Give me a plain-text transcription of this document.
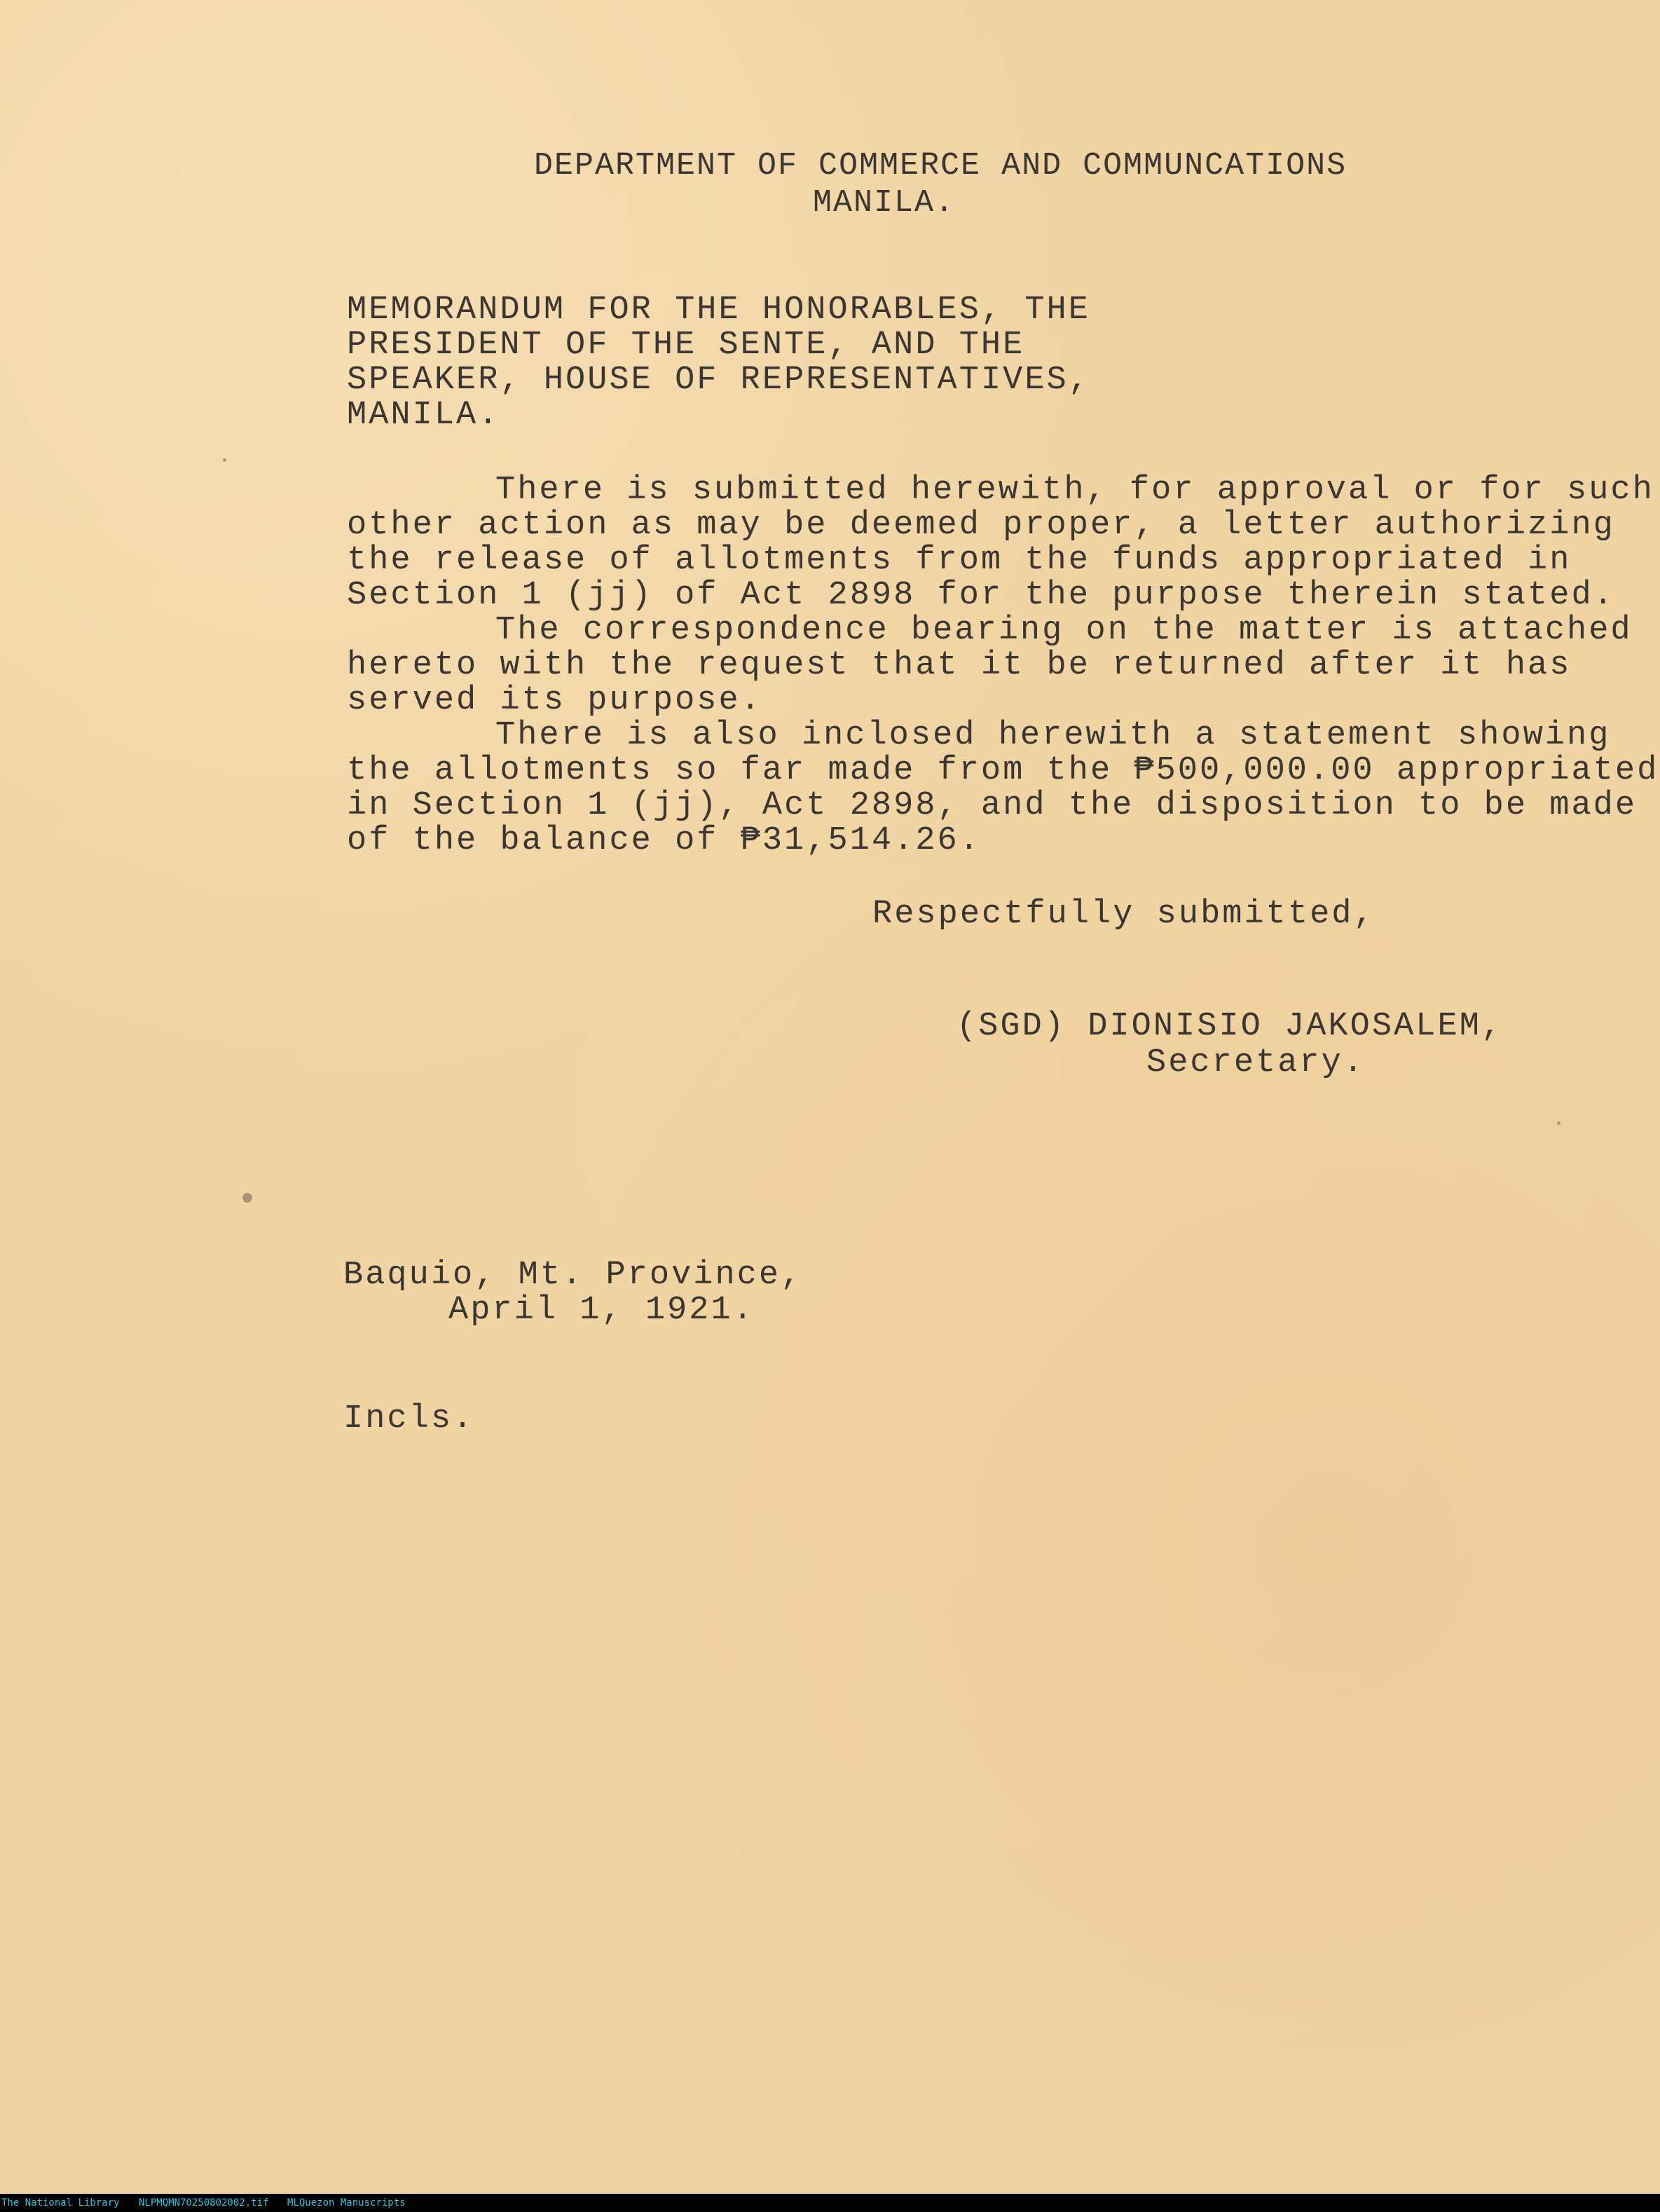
DEPARTMENT OF COMMERCE AND COMMUNCATIONS
MANILA.
MEMORANDUM FOR THE HONORABLES, THE
PRESIDENT OF THE SENTE, AND THE
SPEAKER, HOUSE OF REPRESENTATIVES,
MANILA.
There is submitted herewith, for approval or for such
other action as may be deemed proper, a letter authorizing
the release of allotments from the funds appropriated in
Section 1 (jj) of Act 2898 for the purpose therein stated.
The correspondence bearing on the matter is attached
hereto with the request that it be returned after it has
served its purpose.
There is also inclosed herewith a statement showing
the allotments so far made from the ₱500,000.00 appropriated
in Section 1 (jj), Act 2898, and the disposition to be made
of the balance of ₱31,514.26.
Respectfully submitted,
(SGD) DIONISIO JAKOSALEM,
Secretary.
Baquio, Mt. Province,
April 1, 1921.
Incls.
The National Library NLPMQMN70250802002.tif MLQuezon Manuscripts
